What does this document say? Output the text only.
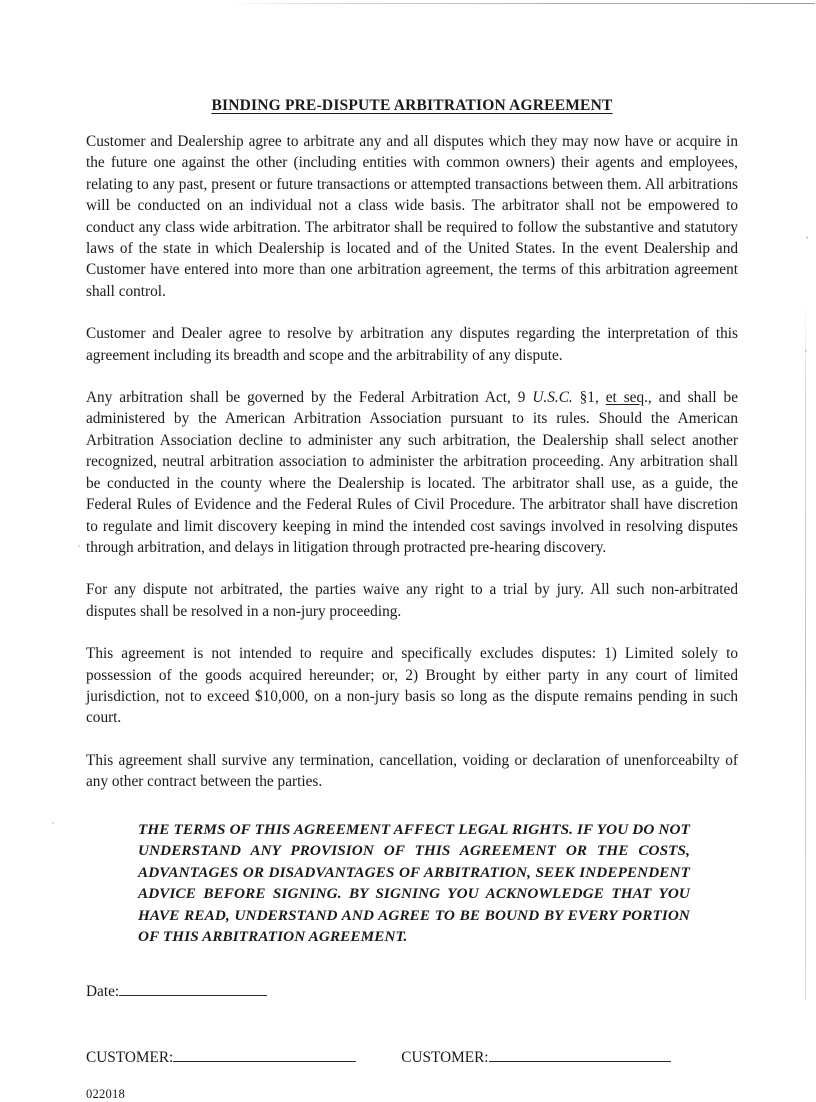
BINDING PRE-DISPUTE ARBITRATION AGREEMENT

Customer and Dealership agree to arbitrate any and all disputes which they may now have or acquire in the future one against the other (including entities with common owners) their agents and employees, relating to any past, present or future transactions or attempted transactions between them. All arbitrations will be conducted on an individual not a class wide basis. The arbitrator shall not be empowered to conduct any class wide arbitration. The arbitrator shall be required to follow the substantive and statutory laws of the state in which Dealership is located and of the United States. In the event Dealership and Customer have entered into more than one arbitration agreement, the terms of this arbitration agreement shall control.

Customer and Dealer agree to resolve by arbitration any disputes regarding the interpretation of this agreement including its breadth and scope and the arbitrability of any dispute.

Any arbitration shall be governed by the Federal Arbitration Act, 9 U.S.C. §1, et seq., and shall be administered by the American Arbitration Association pursuant to its rules. Should the American Arbitration Association decline to administer any such arbitration, the Dealership shall select another recognized, neutral arbitration association to administer the arbitration proceeding. Any arbitration shall be conducted in the county where the Dealership is located. The arbitrator shall use, as a guide, the Federal Rules of Evidence and the Federal Rules of Civil Procedure. The arbitrator shall have discretion to regulate and limit discovery keeping in mind the intended cost savings involved in resolving disputes through arbitration, and delays in litigation through protracted pre-hearing discovery.

For any dispute not arbitrated, the parties waive any right to a trial by jury. All such non-arbitrated disputes shall be resolved in a non-jury proceeding.

This agreement is not intended to require and specifically excludes disputes: 1) Limited solely to possession of the goods acquired hereunder; or, 2) Brought by either party in any court of limited jurisdiction, not to exceed $10,000, on a non-jury basis so long as the dispute remains pending in such court.

This agreement shall survive any termination, cancellation, voiding or declaration of unenforceabilty of any other contract between the parties.

THE TERMS OF THIS AGREEMENT AFFECT LEGAL RIGHTS. IF YOU DO NOT UNDERSTAND ANY PROVISION OF THIS AGREEMENT OR THE COSTS, ADVANTAGES OR DISADVANTAGES OF ARBITRATION, SEEK INDEPENDENT ADVICE BEFORE SIGNING. BY SIGNING YOU ACKNOWLEDGE THAT YOU HAVE READ, UNDERSTAND AND AGREE TO BE BOUND BY EVERY PORTION OF THIS ARBITRATION AGREEMENT.

Date:
CUSTOMER:	CUSTOMER:
022018
